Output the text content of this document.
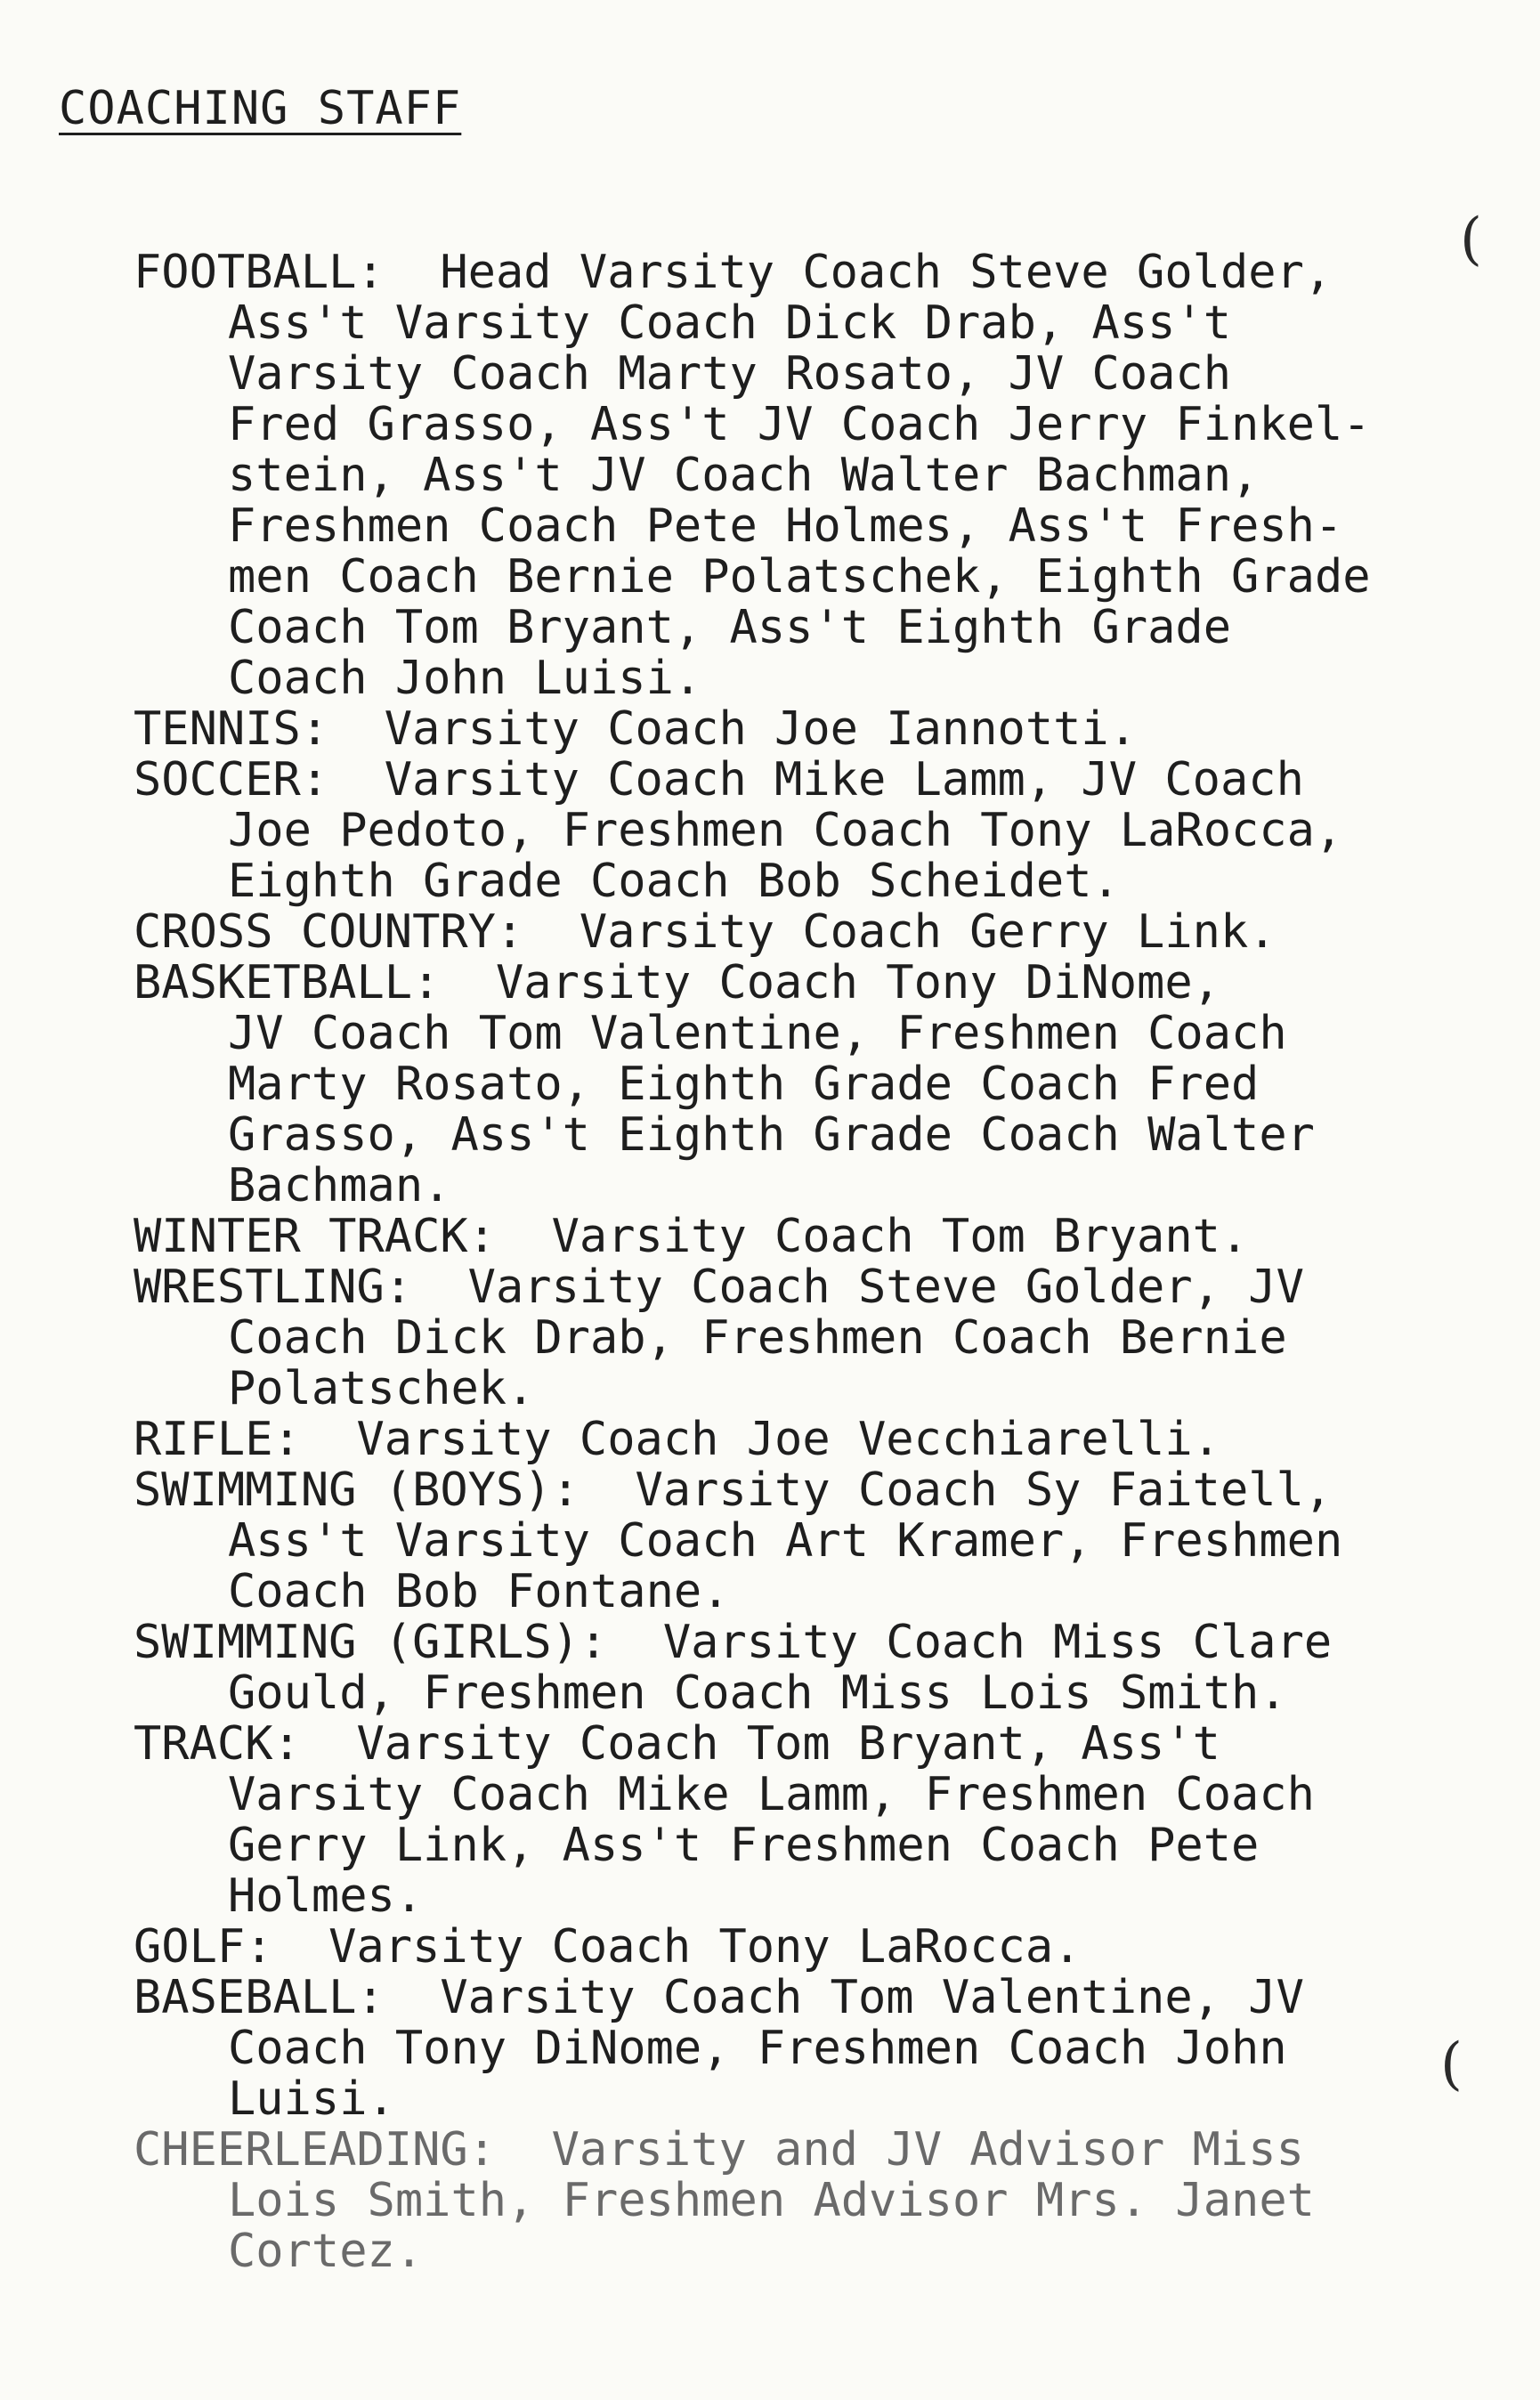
COACHING STAFF
(
(
FOOTBALL:  Head Varsity Coach Steve Golder,
Ass't Varsity Coach Dick Drab, Ass't
Varsity Coach Marty Rosato, JV Coach
Fred Grasso, Ass't JV Coach Jerry Finkel-
stein, Ass't JV Coach Walter Bachman,
Freshmen Coach Pete Holmes, Ass't Fresh-
men Coach Bernie Polatschek, Eighth Grade
Coach Tom Bryant, Ass't Eighth Grade
Coach John Luisi.
TENNIS:  Varsity Coach Joe Iannotti.
SOCCER:  Varsity Coach Mike Lamm, JV Coach
Joe Pedoto, Freshmen Coach Tony LaRocca,
Eighth Grade Coach Bob Scheidet.
CROSS COUNTRY:  Varsity Coach Gerry Link.
BASKETBALL:  Varsity Coach Tony DiNome,
JV Coach Tom Valentine, Freshmen Coach
Marty Rosato, Eighth Grade Coach Fred
Grasso, Ass't Eighth Grade Coach Walter
Bachman.
WINTER TRACK:  Varsity Coach Tom Bryant.
WRESTLING:  Varsity Coach Steve Golder, JV
Coach Dick Drab, Freshmen Coach Bernie
Polatschek.
RIFLE:  Varsity Coach Joe Vecchiarelli.
SWIMMING (BOYS):  Varsity Coach Sy Faitell,
Ass't Varsity Coach Art Kramer, Freshmen
Coach Bob Fontane.
SWIMMING (GIRLS):  Varsity Coach Miss Clare
Gould, Freshmen Coach Miss Lois Smith.
TRACK:  Varsity Coach Tom Bryant, Ass't
Varsity Coach Mike Lamm, Freshmen Coach
Gerry Link, Ass't Freshmen Coach Pete
Holmes.
GOLF:  Varsity Coach Tony LaRocca.
BASEBALL:  Varsity Coach Tom Valentine, JV
Coach Tony DiNome, Freshmen Coach John
Luisi.
CHEERLEADING:  Varsity and JV Advisor Miss
Lois Smith, Freshmen Advisor Mrs. Janet
Cortez.
